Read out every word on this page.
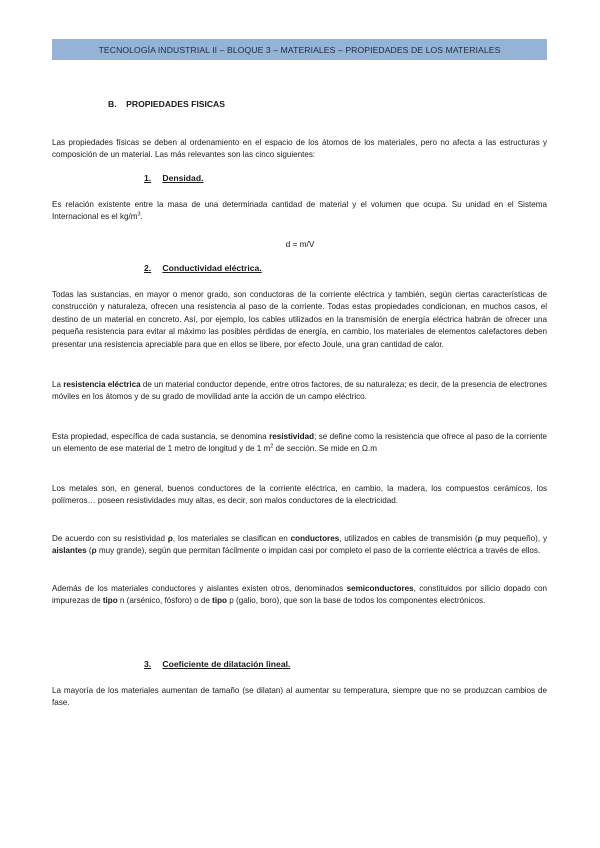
TECNOLOGÍA INDUSTRIAL II – BLOQUE 3 – MATERIALES – PROPIEDADES DE LOS MATERIALES
B.    PROPIEDADES FISICAS

Las propiedades físicas se deben al ordenamiento en el espacio de los átomos de los materiales, pero no afecta a las estructuras y composición de un material. Las más relevantes son las cinco siguientes:

1. Densidad.

Es relación existente entre la masa de una determinada cantidad de material y el volumen que ocupa. Su unidad en el Sistema Internacional es el $kg/m^3$.

d = m/V
2. Conductividad eléctrica.

Todas las sustancias, en mayor o menor grado, son conductoras de la corriente eléctrica y también, según ciertas características de construcción y naturaleza, ofrecen una resistencia al paso de la corriente. Todas estas propiedades condicionan, en muchos casos, el destino de un material en concreto. Así, por ejemplo, los cables utilizados en la transmisión de energía eléctrica habrán de ofrecer una pequeña resistencia para evitar al máximo las posibles pérdidas de energía, en cambio, los materiales de elementos calefactores deben presentar una resistencia apreciable para que en ellos se libere, por efecto Joule, una gran cantidad de calor.

La resistencia eléctrica de un material conductor depende, entre otros factores, de su naturaleza; es decir, de la presencia de electrones móviles en los átomos y de su grado de movilidad ante la acción de un campo eléctrico.

Esta propiedad, específica de cada sustancia, se denomina resistividad; se define como la resistencia que ofrece al paso de la corriente un elemento de ese material de 1 metro de longitud y de 1 $m^2$ de sección. Se mide en Ω.m

Los metales son, en general, buenos conductores de la corriente eléctrica, en cambio, la madera, los compuestos cerámicos, los polímeros… poseen resistividades muy altas, es decir, son malos conductores de la electricidad.

De acuerdo con su resistividad ρ, los materiales se clasifican en conductores, utilizados en cables de transmisión (ρ muy pequeño), y aislantes (ρ muy grande), según que permitan fácilmente o impidan casi por completo el paso de la corriente eléctrica a través de ellos.

Además de los materiales conductores y aislantes existen otros, denominados semiconductores, constituidos por silicio dopado con impurezas de tipo n (arsénico, fósforo) o de tipo p (galio, boro), que son la base de todos los componentes electrónicos.

3. Coeficiente de dilatación lineal.

La mayoría de los materiales aumentan de tamaño (se dilatan) al aumentar su temperatura, siempre que no se produzcan cambios de fase.
